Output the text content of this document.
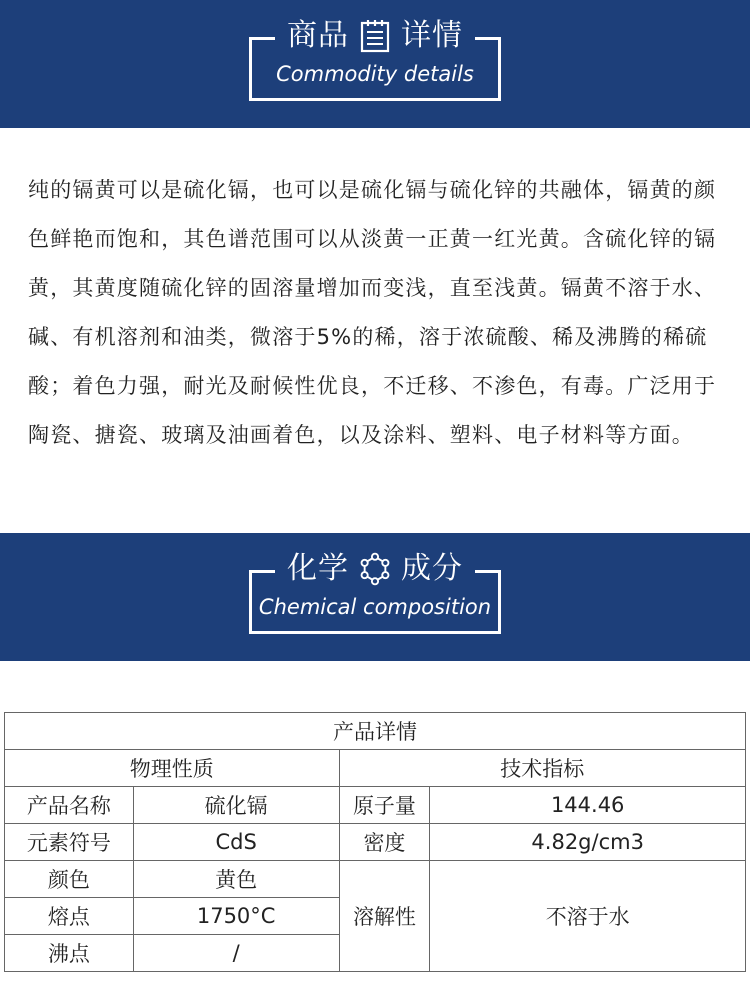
商品 详情
Commodity details

纯的镉黄可以是硫化镉，也可以是硫化镉与硫化锌的共融体，镉黄的颜色鲜艳而饱和，其色谱范围可以从淡黄一正黄一红光黄。含硫化锌的镉黄，其黄度随硫化锌的固溶量增加而变浅，直至浅黄。镉黄不溶于水、碱、有机溶剂和油类，微溶于5%的稀，溶于浓硫酸、稀及沸腾的稀硫酸；着色力强，耐光及耐候性优良，不迁移、不渗色，有毒。广泛用于陶瓷、搪瓷、玻璃及油画着色，以及涂料、塑料、电子材料等方面。

化学 成分
Chemical composition
产品详情			
物理性质		技术指标	
产品名称	硫化镉	原子量	144.46
元素符号	CdS	密度	4.82g/cm3
颜色	黄色	溶解性	不溶于水
熔点	1750°C		
沸点	/		
